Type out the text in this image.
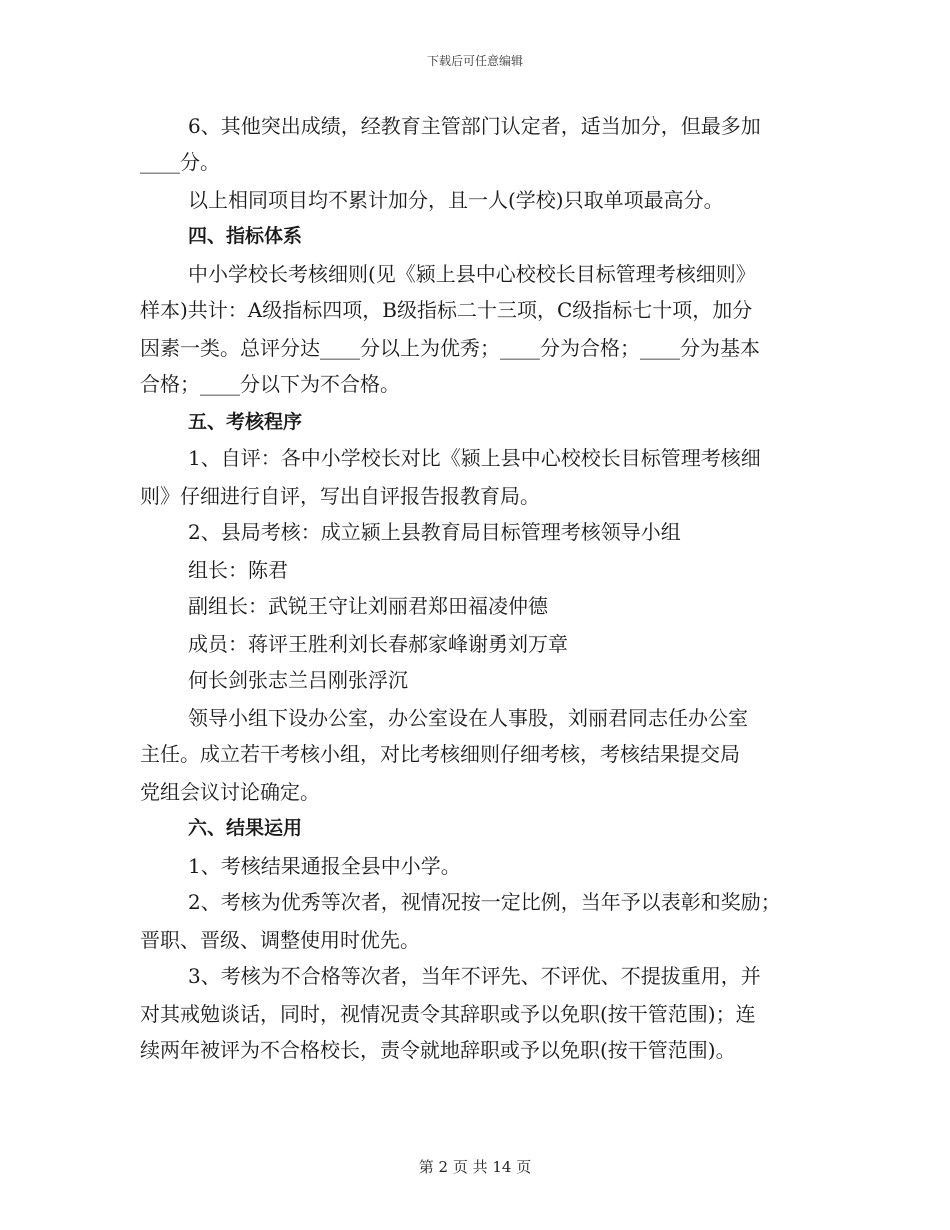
下载后可任意编辑
6、其他突出成绩，经教育主管部门认定者，适当加分，但最多加
____分。
以上相同项目均不累计加分，且一人(学校)只取单项最高分。
四、指标体系
中小学校长考核细则(见《颍上县中心校校长目标管理考核细则》
样本)共计：A级指标四项，B级指标二十三项，C级指标七十项，加分
因素一类。总评分达____分以上为优秀；____分为合格；____分为基本
合格；____分以下为不合格。
五、考核程序
1、自评：各中小学校长对比《颍上县中心校校长目标管理考核细
则》仔细进行自评，写出自评报告报教育局。
2、县局考核：成立颍上县教育局目标管理考核领导小组
组长：陈君
副组长：武锐王守让刘丽君郑田福凌仲德
成员：蒋评王胜利刘长春郝家峰谢勇刘万章
何长剑张志兰吕刚张浮沉
领导小组下设办公室，办公室设在人事股，刘丽君同志任办公室
主任。成立若干考核小组，对比考核细则仔细考核，考核结果提交局
党组会议讨论确定。
六、结果运用
1、考核结果通报全县中小学。
2、考核为优秀等次者，视情况按一定比例，当年予以表彰和奖励；
晋职、晋级、调整使用时优先。
3、考核为不合格等次者，当年不评先、不评优、不提拔重用，并
对其戒勉谈话，同时，视情况责令其辞职或予以免职(按干管范围)；连
续两年被评为不合格校长，责令就地辞职或予以免职(按干管范围)。
第 2 页 共 14 页
